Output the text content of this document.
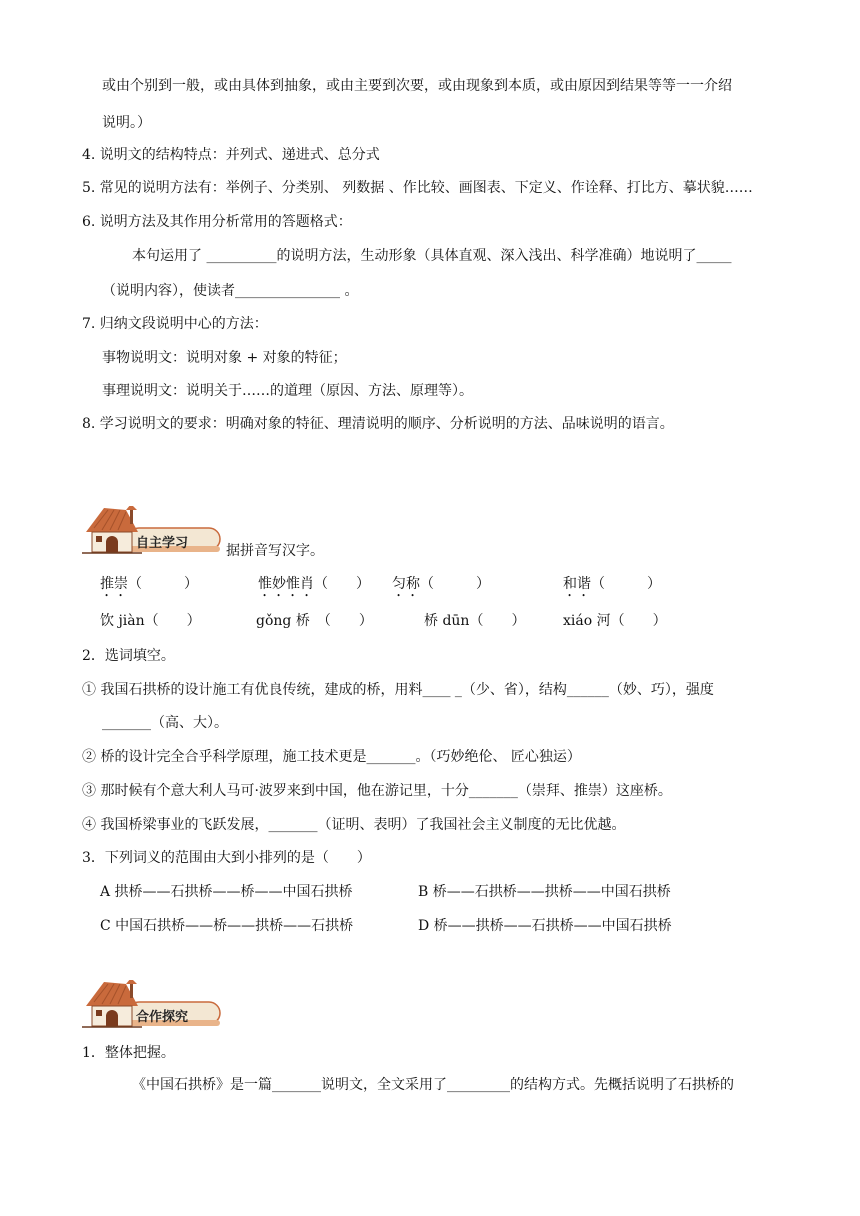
或由个别到一般，或由具体到抽象，或由主要到次要，或由现象到本质，或由原因到结果等等一一介绍
说明。）
4. 说明文的结构特点：并列式、递进式、总分式
5. 常见的说明方法有：举例子、分类别、 列数据 、作比较、画图表、下定义、作诠释、打比方、摹状貌……
6. 说明方法及其作用分析常用的答题格式：
本句运用了 __________的说明方法，生动形象（具体直观、深入浅出、科学准确）地说明了_____
（说明内容），使读者_______________ 。
7. 归纳文段说明中心的方法：
事物说明文：说明对象 + 对象的特征；
事理说明文：说明关于……的道理（原因、方法、原理等）。
8. 学习说明文的要求：明确对象的特征、理清说明的顺序、分析说明的方法、品味说明的语言。
自主学习	据拼音写汉字。
推崇（　　　）	惟妙惟肖（　　） 匀称（　　　）	和谐（　　　）
饮 jiàn（　　）	gǒng 桥　（　　）	桥 dūn（　　）	xiáo 河（　　）
2．选词填空。
① 我国石拱桥的设计施工有优良传统，建成的桥，用料____ _（少、省），结构______（妙、巧），强度
_______（高、大）。
② 桥的设计完全合乎科学原理，施工技术更是_______。（巧妙绝伦、 匠心独运）
③ 那时候有个意大利人马可·波罗来到中国，他在游记里，十分_______（崇拜、推崇）这座桥。
④ 我国桥梁事业的飞跃发展，_______（证明、表明）了我国社会主义制度的无比优越。
3．下列词义的范围由大到小排列的是（　　）
A 拱桥——石拱桥——桥——中国石拱桥	B 桥——石拱桥——拱桥——中国石拱桥
C 中国石拱桥——桥——拱桥——石拱桥	D 桥——拱桥——石拱桥——中国石拱桥
合作探究
1．整体把握。
《中国石拱桥》是一篇_______说明文，全文采用了_________的结构方式。先概括说明了石拱桥的
